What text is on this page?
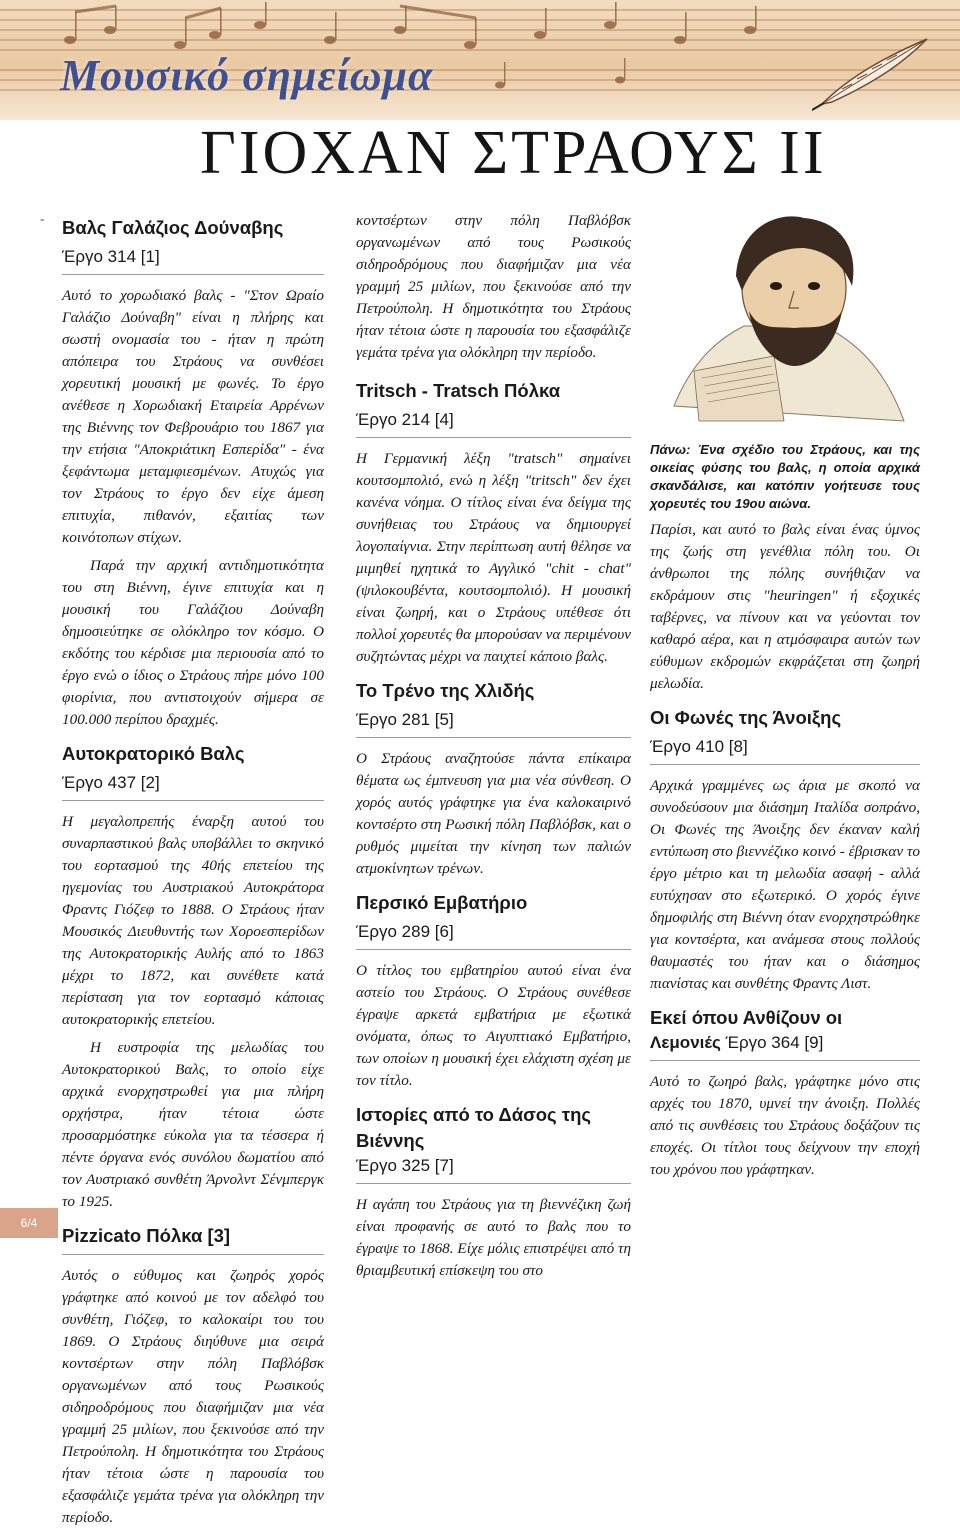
Μουσικό σημείωμα
ΓΙΟΧΑΝ ΣΤΡΑΟΥΣ ΙΙ
- Βαλς Γαλάζιος Δούναβης
Έργο 314 [1]

Αυτό το χορωδιακό βαλς - "Στον Ωραίο Γαλάζιο Δούναβη" είναι η πλήρης και σωστή ονομασία του - ήταν η πρώτη απόπειρα του Στράους να συνθέσει χορευτική μουσική με φωνές. Το έργο ανέθεσε η Χορωδιακή Εταιρεία Αρρένων της Βιέννης τον Φεβρουάριο του 1867 για την ετήσια "Αποκριάτικη Εσπερίδα" - ένα ξεφάντωμα μεταμφιεσμένων. Ατυχώς για τον Στράους το έργο δεν είχε άμεση επιτυχία, πιθανόν, εξαιτίας των κοινότοπων στίχων.

Παρά την αρχική αντιδημοτικότητα του στη Βιέννη, έγινε επιτυχία και η μουσική του Γαλάζιου Δούναβη δημοσιεύτηκε σε ολόκληρο τον κόσμο. Ο εκδότης του κέρδισε μια περιουσία από το έργο ενώ ο ίδιος ο Στράους πήρε μόνο 100 φιορίνια, που αντιστοιχούν σήμερα σε 100.000 περίπου δραχμές.

Αυτοκρατορικό Βαλς
Έργο 437 [2]

Η μεγαλοπρεπής έναρξη αυτού του συναρπαστικού βαλς υποβάλλει το σκηνικό του εορτασμού της 40ής επετείου της ηγεμονίας του Αυστριακού Αυτοκράτορα Φραντς Γιόζεφ το 1888. Ο Στράους ήταν Μουσικός Διευθυντής των Χοροεσπερίδων της Αυτοκρατορικής Αυλής από το 1863 μέχρι το 1872, και συνέθετε κατά περίσταση για τον εορτασμό κάποιας αυτοκρατορικής επετείου.

Η ευστροφία της μελωδίας του Αυτοκρατορικού Βαλς, το οποίο είχε αρχικά ενορχηστρωθεί για μια πλήρη ορχήστρα, ήταν τέτοια ώστε προσαρμόστηκε εύκολα για τα τέσσερα ή πέντε όργανα ενός συνόλου δωματίου από τον Αυστριακό συνθέτη Άρνολντ Σένμπεργκ το 1925.

Pizzicato Πόλκα [3]

Αυτός ο εύθυμος και ζωηρός χορός γράφτηκε από κοινού με τον αδελφό του συνθέτη, Γιόζεφ, το καλοκαίρι του του 1869. Ο Στράους διηύθυνε μια σειρά κοντσέρτων στην πόλη Παβλόβσκ οργανωμένων από τους Ρωσικούς σιδηροδρόμους που διαφήμιζαν μια νέα γραμμή 25 μιλίων, που ξεκινούσε από την Πετρούπολη. Η δημοτικότητα του Στράους ήταν τέτοια ώστε η παρουσία του εξασφάλιζε γεμάτα τρένα για ολόκληρη την περίοδο.

κοντσέρτων στην πόλη Παβλόβσκ οργανωμένων από τους Ρωσικούς σιδηροδρόμους που διαφήμιζαν μια νέα γραμμή 25 μιλίων, που ξεκινούσε από την Πετρούπολη. Η δημοτικότητα του Στράους ήταν τέτοια ώστε η παρουσία του εξασφάλιζε γεμάτα τρένα για ολόκληρη την περίοδο.

Tritsch - Tratsch Πόλκα
Έργο 214 [4]

Η Γερμανική λέξη "tratsch" σημαίνει κουτσομπολιό, ενώ η λέξη "tritsch" δεν έχει κανένα νόημα. Ο τίτλος είναι ένα δείγμα της συνήθειας του Στράους να δημιουργεί λογοπαίγνια. Στην περίπτωση αυτή θέλησε να μιμηθεί ηχητικά το Αγγλικό "chit - chat" (ψιλοκουβέντα, κουτσομπολιό). Η μουσική είναι ζωηρή, και ο Στράους υπέθεσε ότι πολλοί χορευτές θα μπορούσαν να περιμένουν συζητώντας μέχρι να παιχτεί κάποιο βαλς.

Το Τρένο της Χλιδής
Έργο 281 [5]

Ο Στράους αναζητούσε πάντα επίκαιρα θέματα ως έμπνευση για μια νέα σύνθεση. Ο χορός αυτός γράφτηκε για ένα καλοκαιρινό κοντσέρτο στη Ρωσική πόλη Παβλόβσκ, και ο ρυθμός μιμείται την κίνηση των παλιών ατμοκίνητων τρένων.

Περσικό Εμβατήριο
Έργο 289 [6]

Ο τίτλος του εμβατηρίου αυτού είναι ένα αστείο του Στράους. Ο Στράους συνέθεσε έγραψε αρκετά εμβατήρια με εξωτικά ονόματα, όπως το Αιγυπτιακό Εμβατήριο, των οποίων η μουσική έχει ελάχιστη σχέση με τον τίτλο.

Ιστορίες από το Δάσος της Βιέννης
Έργο 325 [7]

Η αγάπη του Στράους για τη βιεννέζικη ζωή είναι προφανής σε αυτό το βαλς που το έγραψε το 1868. Είχε μόλις επιστρέψει από τη θριαμβευτική επίσκεψη του στο

Πάνω: Ένα σχέδιο του Στράους, και της οικείας φύσης του βαλς, η οποία αρχικά σκανδάλισε, και κατόπιν γοήτευσε τους χορευτές του 19ου αιώνα.

Παρίσι, και αυτό το βαλς είναι ένας ύμνος της ζωής στη γενέθλια πόλη του. Οι άνθρωποι της πόλης συνήθιζαν να εκδράμουν στις "heuringen" ή εξοχικές ταβέρνες, να πίνουν και να γεύονται τον καθαρό αέρα, και η ατμόσφαιρα αυτών των εύθυμων εκδρομών εκφράζεται στη ζωηρή μελωδία.

Οι Φωνές της Άνοιξης
Έργο 410 [8]

Αρχικά γραμμένες ως άρια με σκοπό να συνοδεύσουν μια διάσημη Ιταλίδα σοπράνο, Οι Φωνές της Άνοιξης δεν έκαναν καλή εντύπωση στο βιεννέζικο κοινό - έβρισκαν το έργο μέτριο και τη μελωδία ασαφή - αλλά ευτύχησαν στο εξωτερικό. Ο χορός έγινε δημοφιλής στη Βιέννη όταν ενορχηστρώθηκε για κοντσέρτα, και ανάμεσα στους πολλούς θαυμαστές του ήταν και ο διάσημος πιανίστας και συνθέτης Φραντς Λιστ.

Εκεί όπου Ανθίζουν οι
Λεμονιές Έργο 364 [9]

Αυτό το ζωηρό βαλς, γράφτηκε μόνο στις αρχές του 1870, υμνεί την άνοιξη. Πολλές από τις συνθέσεις του Στράους δοξάζουν τις εποχές. Οι τίτλοι τους δείχνουν την εποχή του χρόνου που γράφτηκαν.

6/4
